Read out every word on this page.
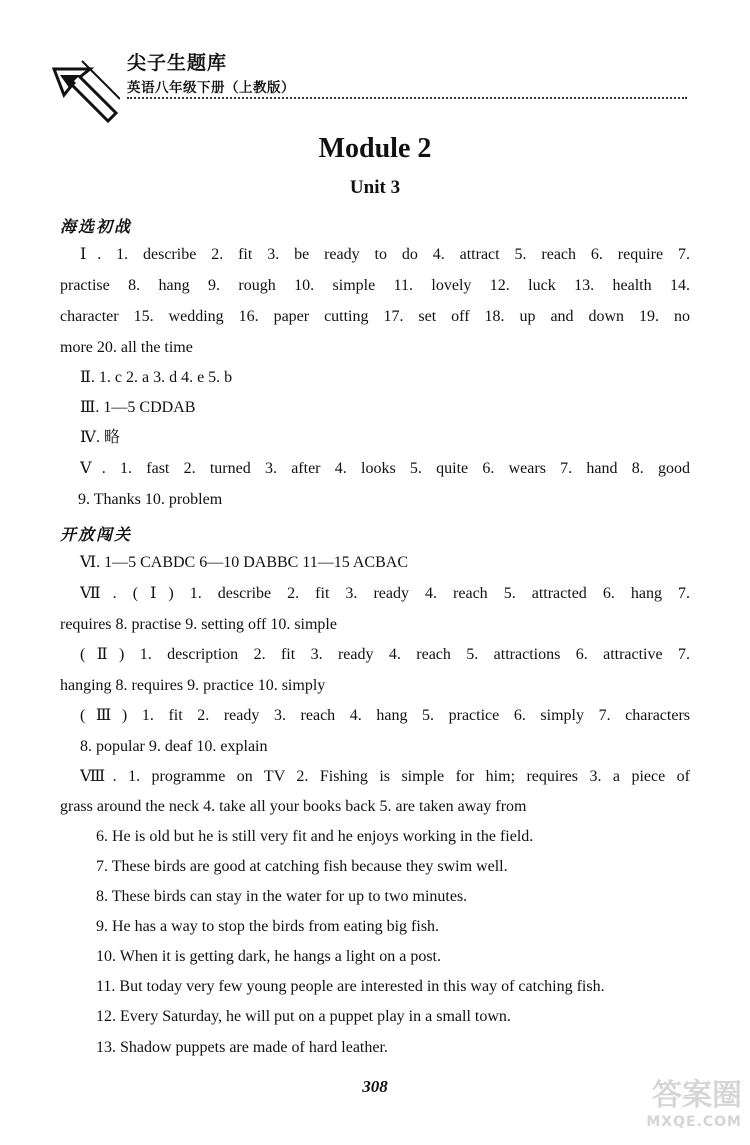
尖子生题库
英语八年级下册（上教版）
Module 2
Unit 3
海选初战
Ⅰ. 1. describe 2. fit 3. be ready to do 4. attract 5. reach 6. require 7.
practise 8. hang 9. rough 10. simple 11. lovely 12. luck 13. health 14.
character 15. wedding 16. paper cutting 17. set off 18. up and down 19. no
more 20. all the time
Ⅱ. 1. c 2. a 3. d 4. e 5. b
Ⅲ. 1—5 CDDAB
Ⅳ. 略
Ⅴ. 1. fast 2. turned 3. after 4. looks 5. quite 6. wears 7. hand 8. good
9. Thanks 10. problem
开放闯关
Ⅵ. 1—5 CABDC 6—10 DABBC 11—15 ACBAC
Ⅶ. (Ⅰ) 1. describe 2. fit 3. ready 4. reach 5. attracted 6. hang 7.
requires 8. practise 9. setting off 10. simple
(Ⅱ) 1. description 2. fit 3. ready 4. reach 5. attractions 6. attractive 7.
hanging 8. requires 9. practice 10. simply
(Ⅲ) 1. fit 2. ready 3. reach 4. hang 5. practice 6. simply 7. characters
8. popular 9. deaf 10. explain
Ⅷ. 1. programme on TV 2. Fishing is simple for him; requires 3. a piece of
grass around the neck 4. take all your books back 5. are taken away from
6. He is old but he is still very fit and he enjoys working in the field.
7. These birds are good at catching fish because they swim well.
8. These birds can stay in the water for up to two minutes.
9. He has a way to stop the birds from eating big fish.
10. When it is getting dark, he hangs a light on a post.
11. But today very few young people are interested in this way of catching fish.
12. Every Saturday, he will put on a puppet play in a small town.
13. Shadow puppets are made of hard leather.
308	答案圈
MXQE.COM
